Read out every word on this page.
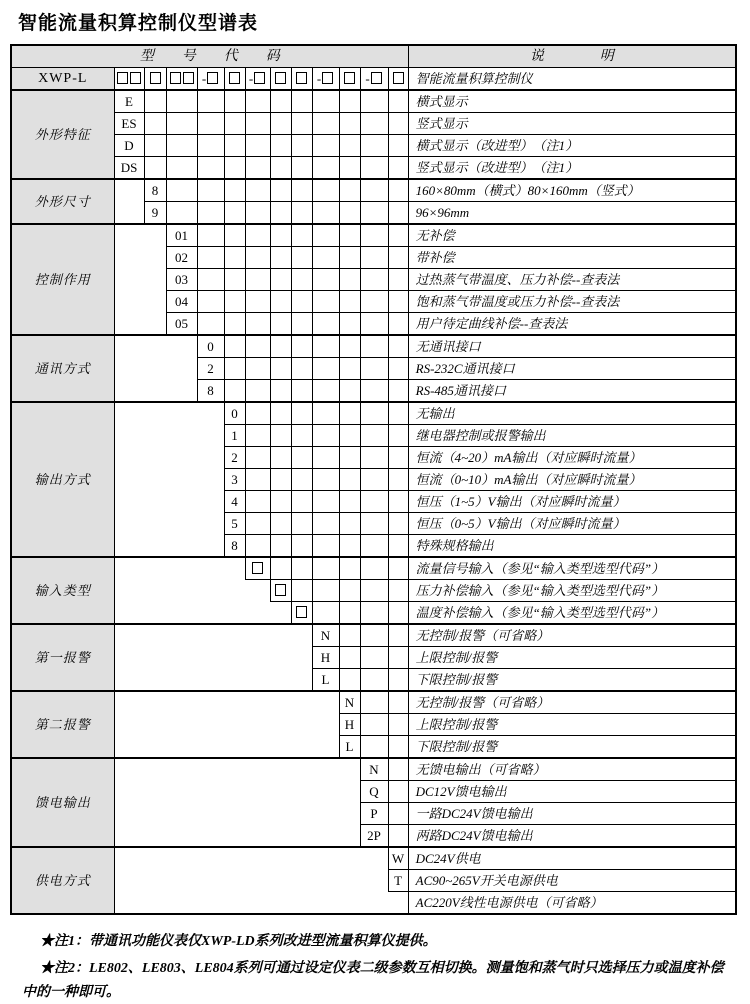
智能流量积算控制仪型谱表
型　　号　　代　　码													说　　　　明
XWP-L				-		-			-		-		智能流量积算控制仪
外形特征	E												横式显示
	ES												竖式显示
	D												横式显示（改进型）　（注1）
	DS												竖式显示（改进型）　（注1）
外形尺寸		8											160×80mm（横式）80×160mm（竖式）
		9											96×96mm
控制作用			01										无补偿
			02										带补偿
			03										过热蒸气带温度、压力补偿--查表法
			04										饱和蒸气带温度或压力补偿--查表法
			05										用户待定曲线补偿--查表法
通讯方式				0									无通讯接口
				2									RS-232C通讯接口
				8									RS-485通讯接口
输出方式					0								无输出
					1								继电器控制或报警输出
					2								恒流（4~20）mA输出（对应瞬时流量）
					3								恒流（0~10）mA输出（对应瞬时流量）
					4								恒压（1~5）V输出（对应瞬时流量）
					5								恒压（0~5）V输出（对应瞬时流量）
					8								特殊规格输出
输入类型													流量信号输入（参见“输入类型选型代码”）
													压力补偿输入（参见“输入类型选型代码”）
													温度补偿输入（参见“输入类型选型代码”）
第一报警									N				无控制/报警（可省略）
									H				上限控制/报警
									L				下限控制/报警
第二报警										N			无控制/报警（可省略）
										H			上限控制/报警
										L			下限控制/报警
馈电输出											N		无馈电输出（可省略）
											Q		DC12V馈电输出
											P		一路DC24V馈电输出
											2P		两路DC24V馈电输出
供电方式												W	DC24V供电
												T	AC90~265V开关电源供电
													AC220V线性电源供电（可省略）

★注1：带通讯功能仪表仅XWP-LD系列改进型流量积算仪提供。

★注2：LE802、LE803、LE804系列可通过设定仪表二级参数互相切换。测量饱和蒸气时只选择压力或温度补偿中的一种即可。
